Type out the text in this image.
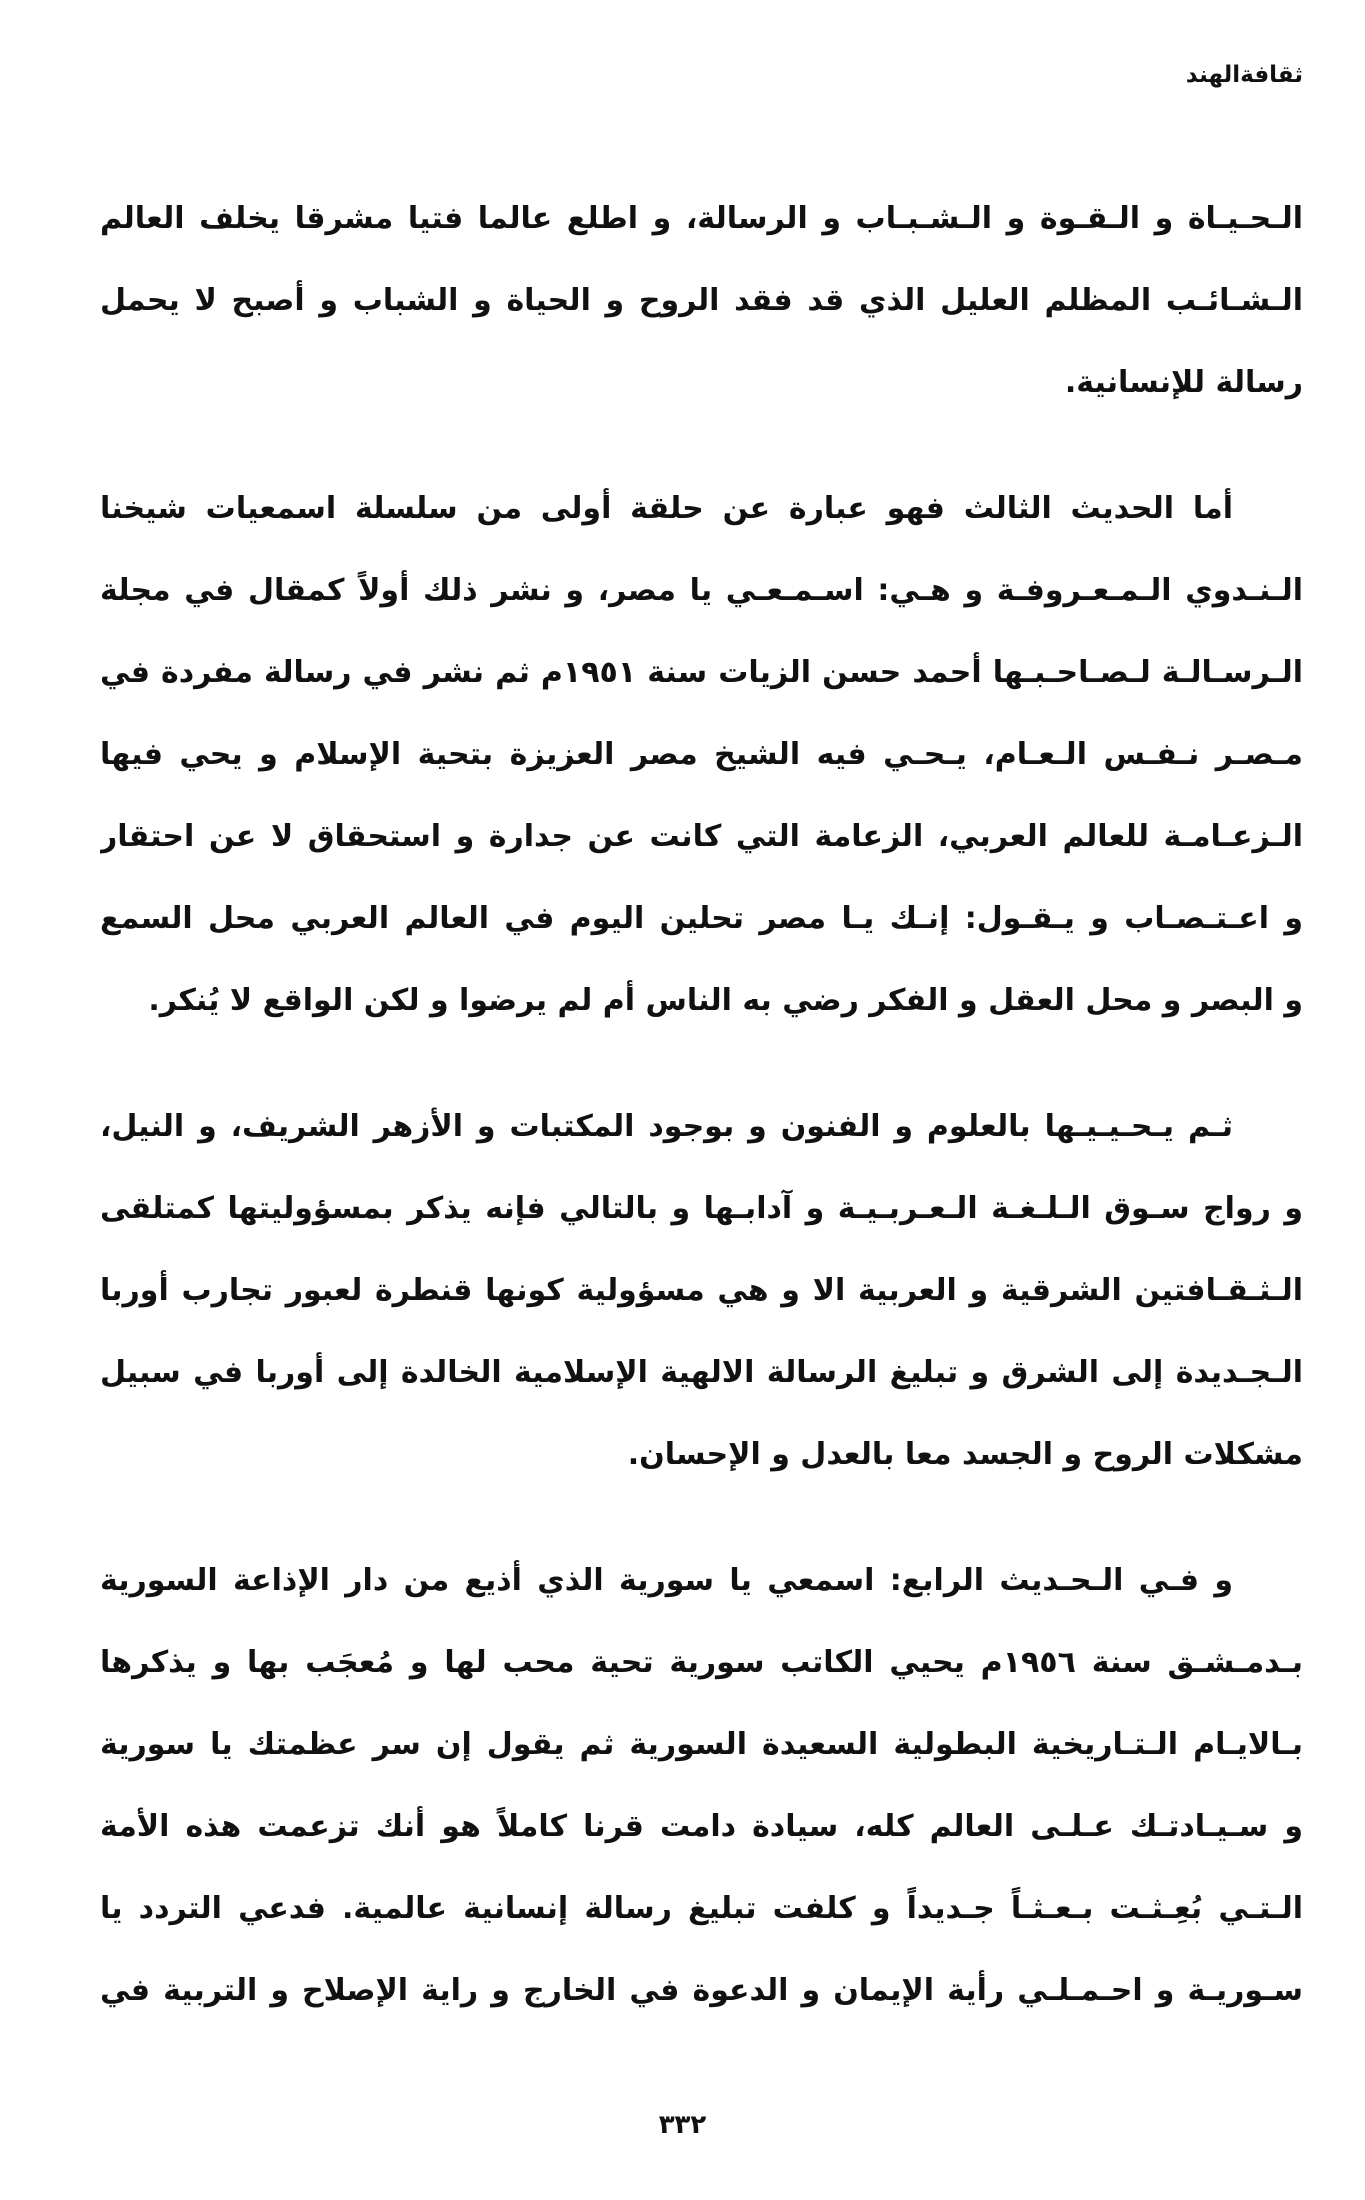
ثقافةالهند
الـحـيـاة و الـقـوة و الـشـبـاب و الرسالة، و اطلع عالما فتيا مشرقا يخلف العالم
الـشـائـب المظلم العليل الذي قد فقد الروح و الحياة و الشباب و أصبح لا يحمل
رسالة للإنسانية.
أما الحديث الثالث فهو عبارة عن حلقة أولى من سلسلة اسمعيات شيخنا
الـنـدوي الـمـعـروفـة و هـي: اسـمـعـي يا مصر، و نشر ذلك أولاً كمقال في مجلة
الـرسـالـة لـصـاحـبـها أحمد حسن الزيات سنة ١٩٥١م ثم نشر في رسالة مفردة في
مـصـر نـفـس الـعـام، يـحـي فيه الشيخ مصر العزيزة بتحية الإسلام و يحي فيها
الـزعـامـة للعالم العربي، الزعامة التي كانت عن جدارة و استحقاق لا عن احتقار
و اعـتـصـاب و يـقـول: إنـك يـا مصر تحلين اليوم في العالم العربي محل السمع
و البصر و محل العقل و الفكر رضي به الناس أم لم يرضوا و لكن الواقع لا يُنكر.
ثـم يـحـيـيـها بالعلوم و الفنون و بوجود المكتبات و الأزهر الشريف، و النيل،
و رواج سـوق الـلـغـة الـعـربـيـة و آدابـها و بالتالي فإنه يذكر بمسؤوليتها كمتلقى
الـثـقـافتين الشرقية و العربية الا و هي مسؤولية كونها قنطرة لعبور تجارب أوربا
الـجـديدة إلى الشرق و تبليغ الرسالة الالهية الإسلامية الخالدة إلى أوربا في سبيل
مشكلات الروح و الجسد معا بالعدل و الإحسان.
و فـي الـحـديث الرابع: اسمعي يا سورية الذي أذيع من دار الإذاعة السورية
بـدمـشـق سنة ١٩٥٦م يحيي الكاتب سورية تحية محب لها و مُعجَب بها و يذكرها
بـالايـام الـتـاريخية البطولية السعيدة السورية ثم يقول إن سر عظمتك يا سورية
و سـيـادتـك عـلـى العالم كله، سيادة دامت قرنا كاملاً هو أنك تزعمت هذه الأمة
الـتـي بُعِـثـت بـعـثـاً جـديداً و كلفت تبليغ رسالة إنسانية عالمية. فدعي التردد يا
سـوريـة و احـمـلـي رأية الإيمان و الدعوة في الخارج و راية الإصلاح و التربية في
٣٣٢
